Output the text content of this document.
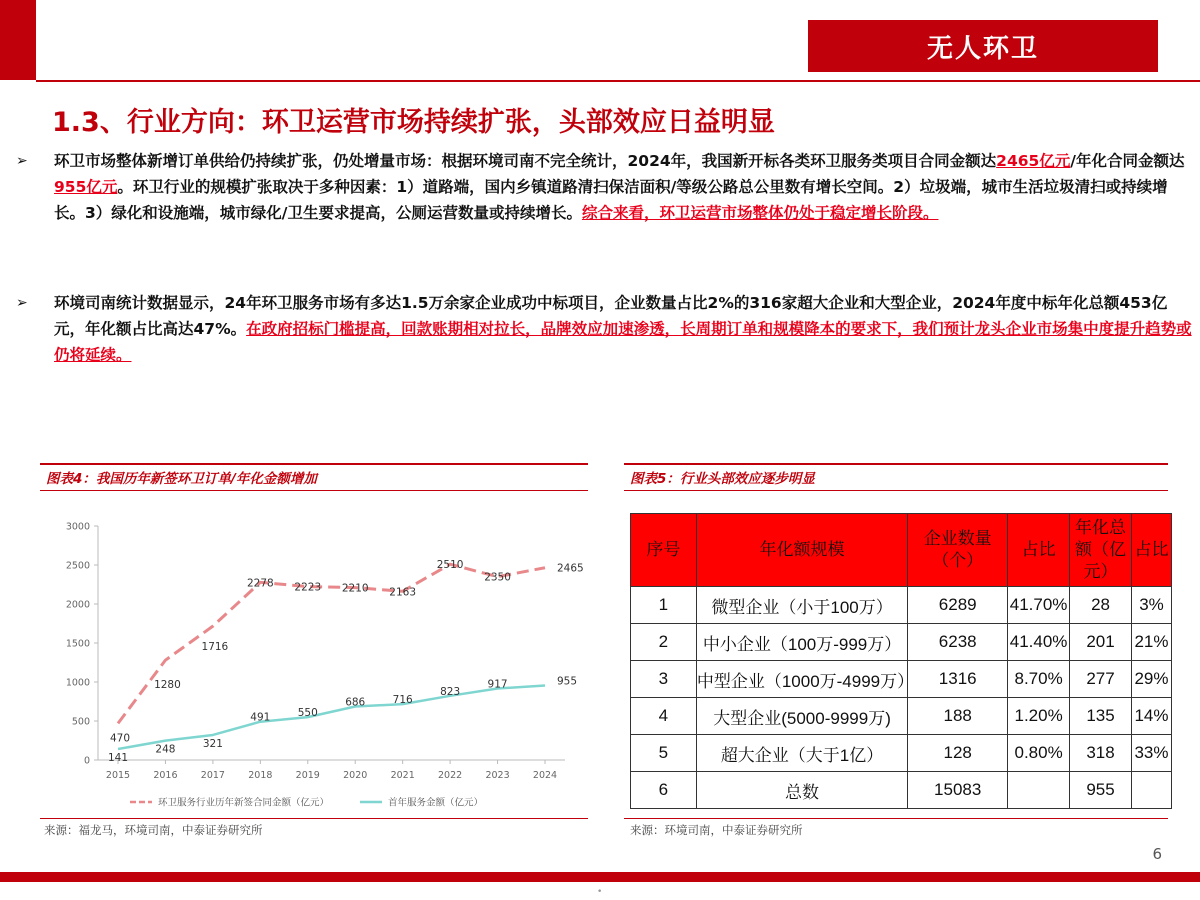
无人环卫
1.3、行业方向：环卫运营市场持续扩张，头部效应日益明显
➢ 环卫市场整体新增订单供给仍持续扩张，仍处增量市场：根据环境司南不完全统计，2024年，我国新开标各类环卫服务类项目合同金额达2465亿元/年化合同金额达955亿元。环卫行业的规模扩张取决于多种因素：1）道路端，国内乡镇道路清扫保洁面积/等级公路总公里数有增长空间。2）垃圾端，城市生活垃圾清扫或持续增长。3）绿化和设施端，城市绿化/卫生要求提高，公厕运营数量或持续增长。综合来看，环卫运营市场整体仍处于稳定增长阶段。
➢ 环境司南统计数据显示，24年环卫服务市场有多达1.5万余家企业成功中标项目，企业数量占比2%的316家超大企业和大型企业，2024年度中标年化总额453亿元，年化额占比高达47%。在政府招标门槛提高，回款账期相对拉长，品牌效应加速渗透，长周期订单和规模降本的要求下，我们预计龙头企业市场集中度提升趋势或仍将延续。
图表4：我国历年新签环卫订单/年化金额增加
0
500
1000
1500
2000
2500
3000
2015 2016 2017 2018 2019 2020 2021 2022 2023 2024
470
1280
1716
2278 2223 2210 2163
2510
2350
2465
141
248	321
491	550
686	716
823
917	955
环卫服务行业历年新签合同金额（亿元）	首年服务金额（亿元）
来源：福龙马，环境司南，中泰证券研究所
图表5：行业头部效应逐步明显
序号	年化额规模	企业数量（个）	占比	年化总额（亿元）	占比
1	微型企业（小于100万）	6289	41.70%	28	3%
2	中小企业（100万-999万）	6238	41.40%	201	21%
3	中型企业（1000万-4999万）	1316	8.70%	277	29%
4	大型企业(5000-9999万)	188	1.20%	135	14%
5	超大企业（大于1亿）	128	0.80%	318	33%
6	总数	15083		955	
来源：环境司南，中泰证券研究所
6
•
